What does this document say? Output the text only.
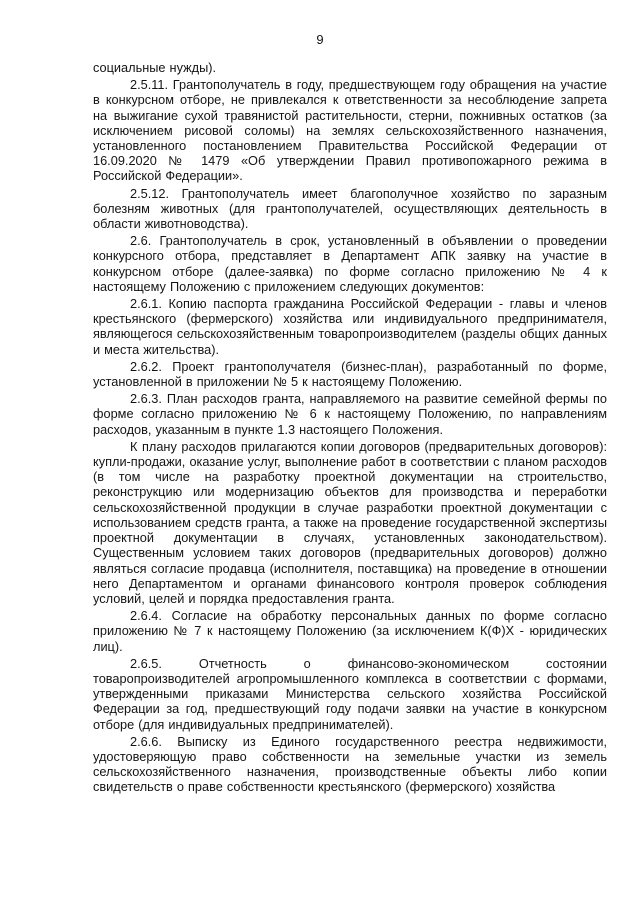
9

социальные нужды).

2.5.11. Грантополучатель в году, предшествующем году обращения на участие в конкурсном отборе, не привлекался к ответственности за несоблюдение запрета на выжигание сухой травянистой растительности, стерни, пожнивных остатков (за исключением рисовой соломы) на землях сельскохозяйственного назначения, установленного постановлением Правительства Российской Федерации от 16.09.2020 № 1479 «Об утверждении Правил противопожарного режима в Российской Федерации».

2.5.12. Грантополучатель имеет благополучное хозяйство по заразным болезням животных (для грантополучателей, осуществляющих деятельность в области животноводства).

2.6. Грантополучатель в срок, установленный в объявлении о проведении конкурсного отбора, представляет в Департамент АПК заявку на участие в конкурсном отборе (далее-заявка) по форме согласно приложению № 4 к настоящему Положению с приложением следующих документов:

2.6.1. Копию паспорта гражданина Российской Федерации - главы и членов крестьянского (фермерского) хозяйства или индивидуального предпринимателя, являющегося сельскохозяйственным товаропроизводителем (разделы общих данных и места жительства).

2.6.2. Проект грантополучателя (бизнес-план), разработанный по форме, установленной в приложении № 5 к настоящему Положению.

2.6.3. План расходов гранта, направляемого на развитие семейной фермы по форме согласно приложению № 6 к настоящему Положению, по направлениям расходов, указанным в пункте 1.3 настоящего Положения.

К плану расходов прилагаются копии договоров (предварительных договоров): купли-продажи, оказание услуг, выполнение работ в соответствии с планом расходов (в том числе на разработку проектной документации на строительство, реконструкцию или модернизацию объектов для производства и переработки сельскохозяйственной продукции в случае разработки проектной документации с использованием средств гранта, а также на проведение государственной экспертизы проектной документации в случаях, установленных законодательством). Существенным условием таких договоров (предварительных договоров) должно являться согласие продавца (исполнителя, поставщика) на проведение в отношении него Департаментом и органами финансового контроля проверок соблюдения условий, целей и порядка предоставления гранта.

2.6.4. Согласие на обработку персональных данных по форме согласно приложению № 7 к настоящему Положению (за исключением К(Ф)Х - юридических лиц).

2.6.5. Отчетность о финансово-экономическом состоянии товаропроизводителей агропромышленного комплекса в соответствии с формами, утвержденными приказами Министерства сельского хозяйства Российской Федерации за год, предшествующий году подачи заявки на участие в конкурсном отборе (для индивидуальных предпринимателей).

2.6.6. Выписку из Единого государственного реестра недвижимости, удостоверяющую право собственности на земельные участки из земель сельскохозяйственного назначения, производственные объекты либо копии свидетельств о праве собственности крестьянского (фермерского) хозяйства
